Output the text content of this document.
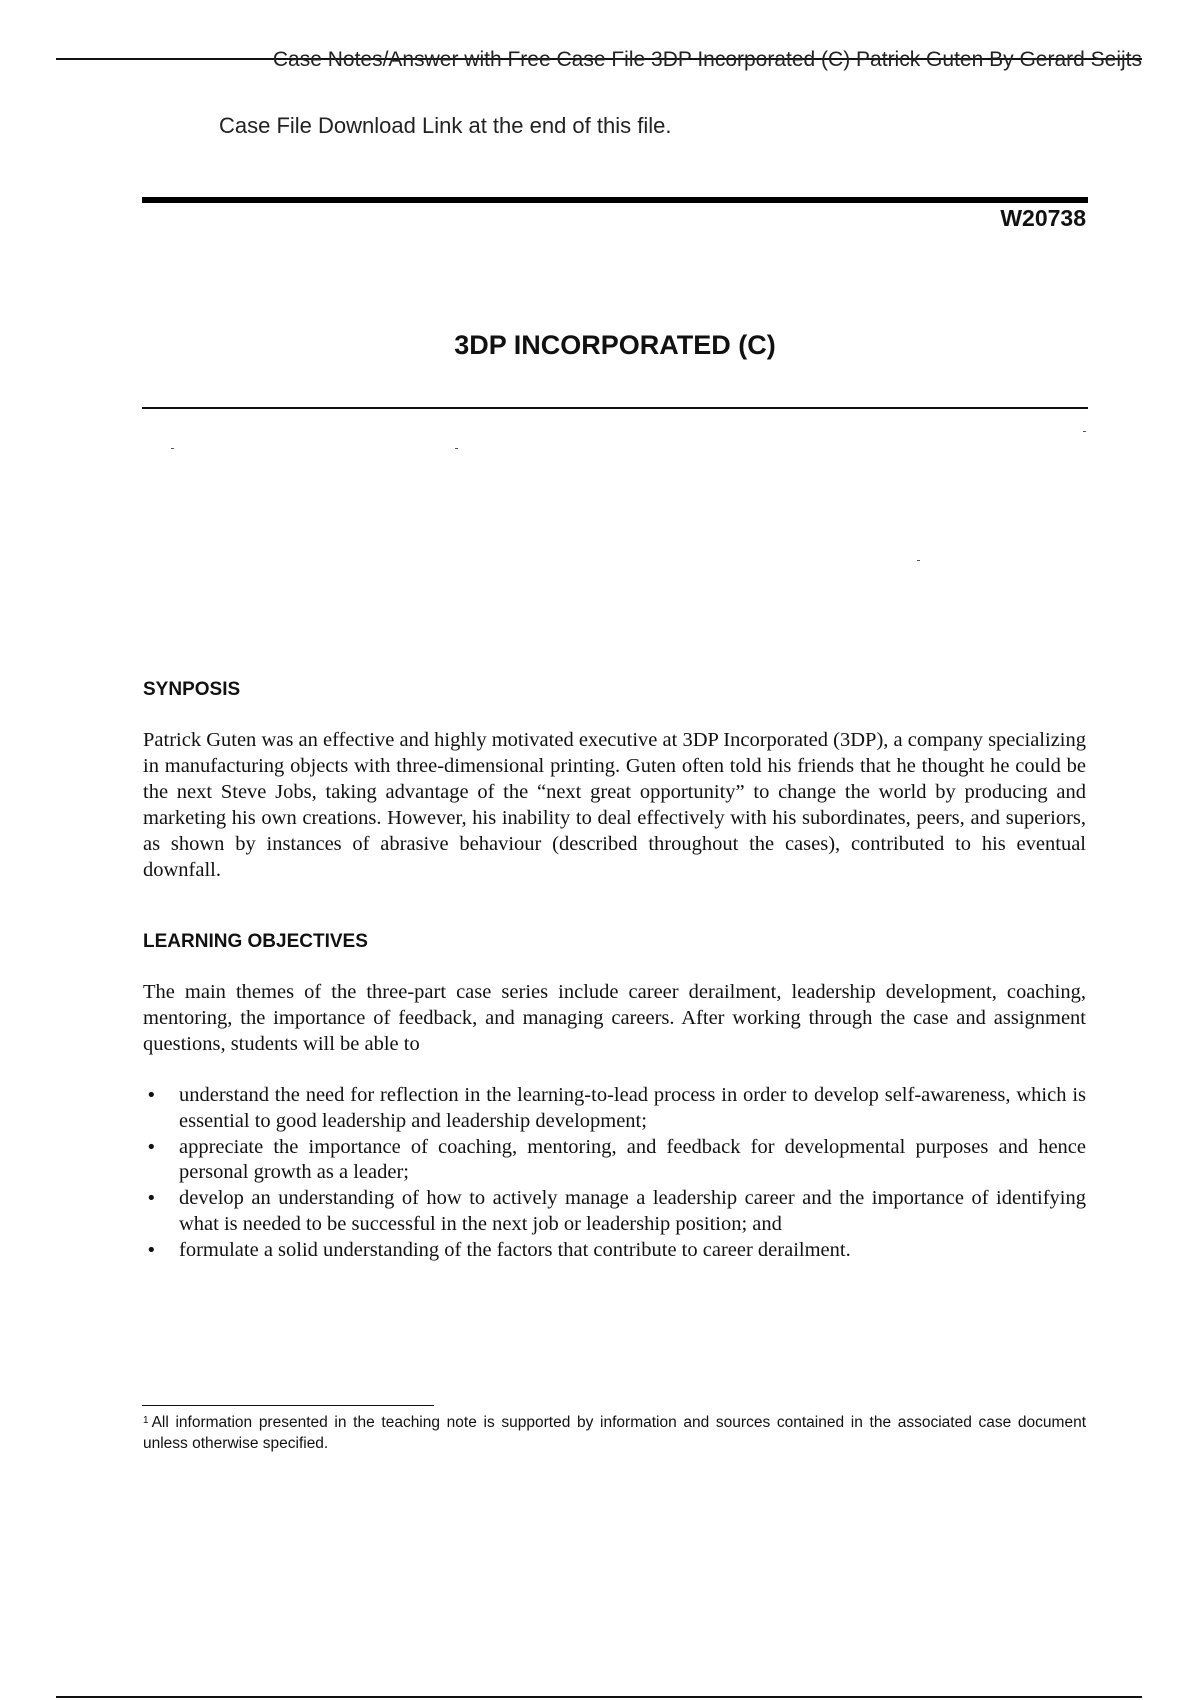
Case Notes/Answer with Free Case File 3DP Incorporated (C) Patrick Guten By Gerard Seijts
Case File Download Link at the end of this file.
W20738
3DP INCORPORATED (C)
SYNPOSIS

Patrick Guten was an effective and highly motivated executive at 3DP Incorporated (3DP), a company specializing in manufacturing objects with three-dimensional printing. Guten often told his friends that he thought he could be the next Steve Jobs, taking advantage of the “next great opportunity” to change the world by producing and marketing his own creations. However, his inability to deal effectively with his subordinates, peers, and superiors, as shown by instances of abrasive behaviour (described throughout the cases), contributed to his eventual downfall.

LEARNING OBJECTIVES

The main themes of the three-part case series include career derailment, leadership development, coaching, mentoring, the importance of feedback, and managing careers. After working through the case and assignment questions, students will be able to

• understand the need for reflection in the learning-to-lead process in order to develop self-awareness, which is essential to good leadership and leadership development;
• appreciate the importance of coaching, mentoring, and feedback for developmental purposes and hence personal growth as a leader;
• develop an understanding of how to actively manage a leadership career and the importance of identifying what is needed to be successful in the next job or leadership position; and
• formulate a solid understanding of the factors that contribute to career derailment.

$^1$ All information presented in the teaching note is supported by information and sources contained in the associated case document unless otherwise specified.
